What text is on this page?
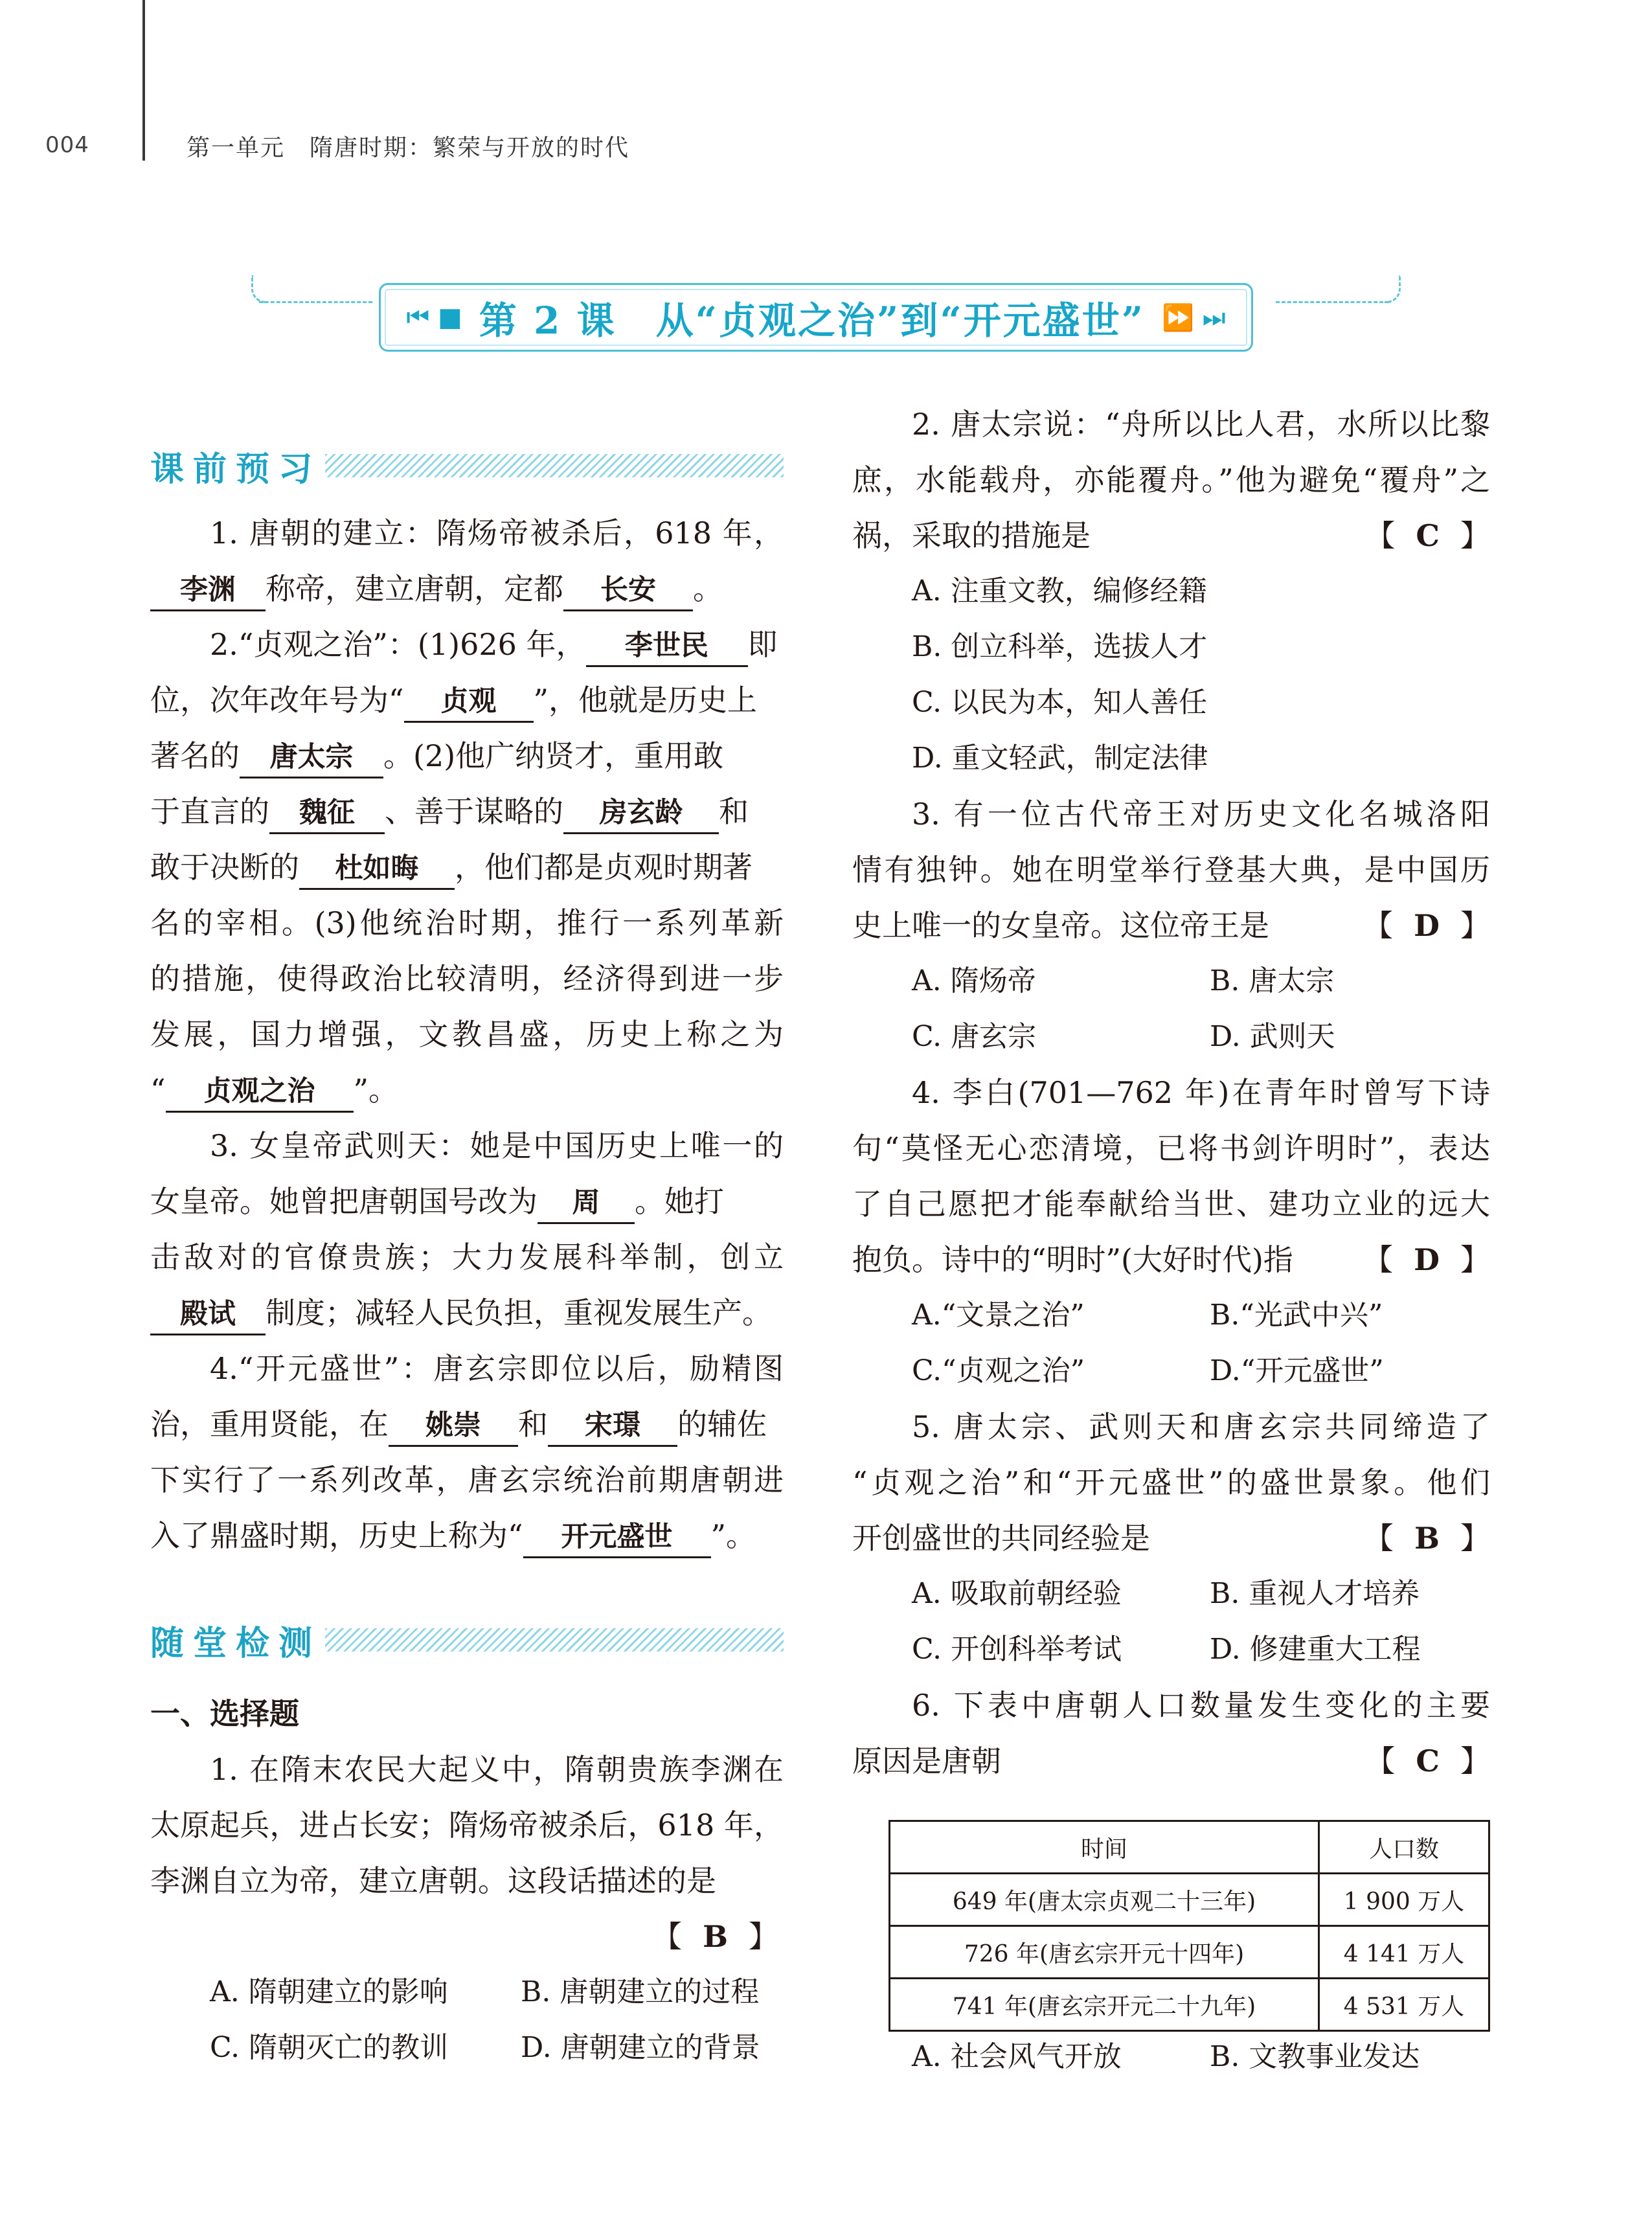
004	第一单元　隋唐时期：繁荣与开放的时代
⏮ ■ 第 2 课　从“贞观之治”到“开元盛世” ⏩ ⏭
课前预习
1. 唐朝的建立：隋炀帝被杀后，618 年，
李渊 称帝，建立唐朝，定都 长安 。
2.“贞观之治”：(1)626 年， 李世民 即
位，次年改年号为“ 贞观 ”，他就是历史上
著名的 唐太宗 。(2)他广纳贤才，重用敢
于直言的 魏征 、善于谋略的 房玄龄 和
敢于决断的 杜如晦 ，他们都是贞观时期著
名的宰相。(3)他统治时期，推行一系列革新
的措施，使得政治比较清明，经济得到进一步
发展，国力增强，文教昌盛，历史上称之为
“ 贞观之治 ”。
3. 女皇帝武则天：她是中国历史上唯一的
女皇帝。她曾把唐朝国号改为 周 。她打
击敌对的官僚贵族；大力发展科举制，创立
殿试 制度；减轻人民负担，重视发展生产。
4.“开元盛世”：唐玄宗即位以后，励精图
治，重用贤能，在 姚崇 和 宋璟 的辅佐
下实行了一系列改革，唐玄宗统治前期唐朝进
入了鼎盛时期，历史上称为“ 开元盛世 ”。
随堂检测
一、选择题
1. 在隋末农民大起义中，隋朝贵族李渊在
太原起兵，进占长安；隋炀帝被杀后，618 年，
李渊自立为帝，建立唐朝。这段话描述的是
【 B 】
A. 隋朝建立的影响	B. 唐朝建立的过程
C. 隋朝灭亡的教训	D. 唐朝建立的背景
2. 唐太宗说：“舟所以比人君，水所以比黎
庶，水能载舟，亦能覆舟。”他为避免“覆舟”之
祸，采取的措施是	【 C 】
A. 注重文教，编修经籍
B. 创立科举，选拔人才
C. 以民为本，知人善任
D. 重文轻武，制定法律
3. 有一位古代帝王对历史文化名城洛阳
情有独钟。她在明堂举行登基大典，是中国历
史上唯一的女皇帝。这位帝王是	【 D 】
A. 隋炀帝	B. 唐太宗
C. 唐玄宗	D. 武则天
4. 李白(701—762 年)在青年时曾写下诗
句“莫怪无心恋清境，已将书剑许明时”，表达
了自己愿把才能奉献给当世、建功立业的远大
抱负。诗中的“明时”(大好时代)指 【 D 】
A.“文景之治”	B.“光武中兴”
C.“贞观之治”	D.“开元盛世”
5. 唐太宗、武则天和唐玄宗共同缔造了
“贞观之治”和“开元盛世”的盛世景象。他们
开创盛世的共同经验是	【 B 】
A. 吸取前朝经验	B. 重视人才培养
C. 开创科举考试	D. 修建重大工程
6. 下表中唐朝人口数量发生变化的主要
原因是唐朝	【 C 】
时间	人口数
649 年(唐太宗贞观二十三年)	1 900 万人
726 年(唐玄宗开元十四年)	4 141 万人
741 年(唐玄宗开元二十九年)	4 531 万人
A. 社会风气开放	B. 文教事业发达
